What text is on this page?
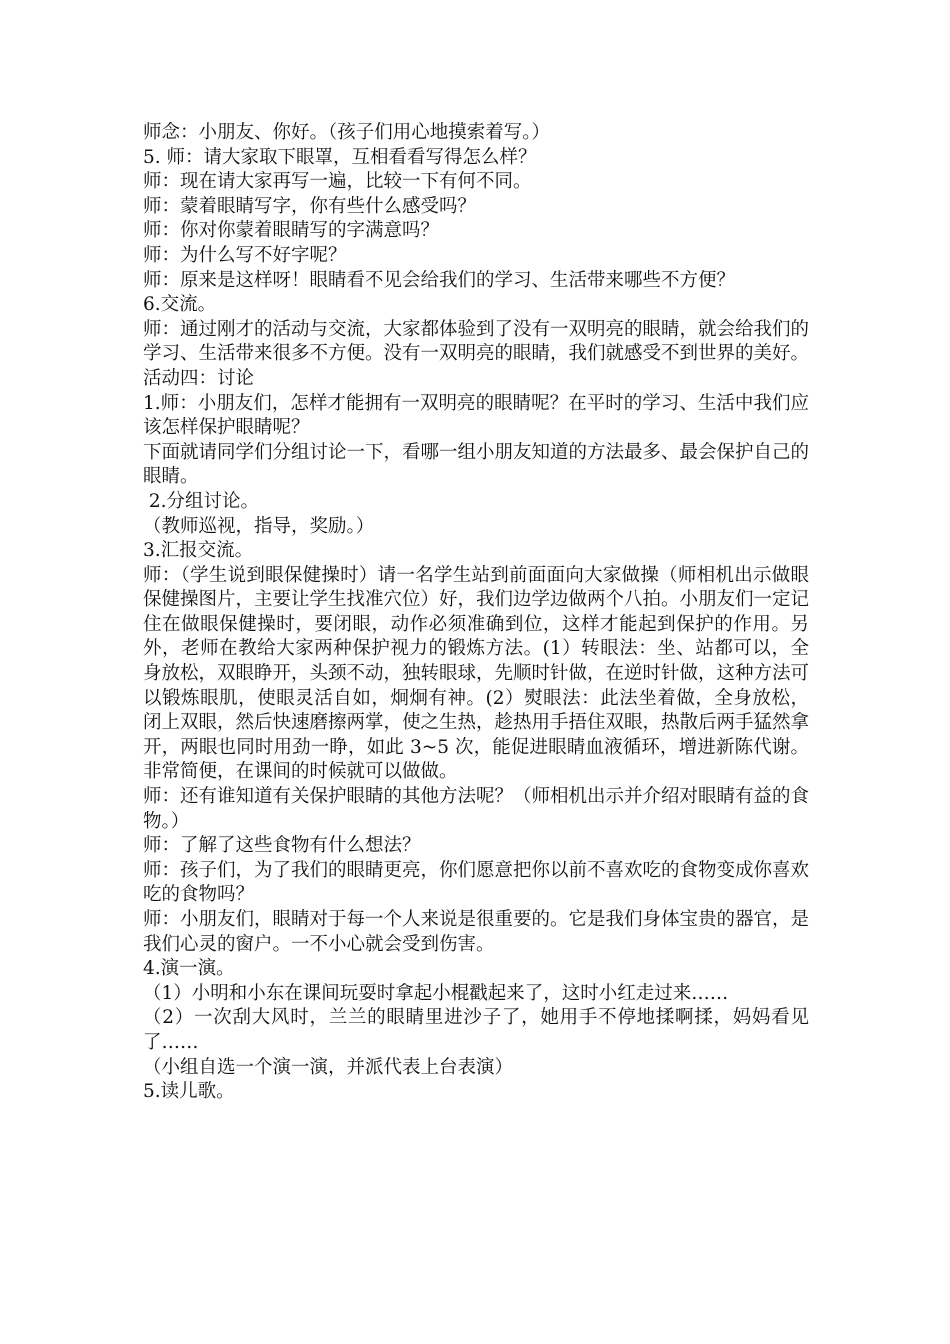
师念：小朋友、你好。（孩子们用心地摸索着写。）

5. 师：请大家取下眼罩，互相看看写得怎么样？

师：现在请大家再写一遍，比较一下有何不同。

师：蒙着眼睛写字，你有些什么感受吗？

师：你对你蒙着眼睛写的字满意吗？

师：为什么写不好字呢？

师：原来是这样呀！眼睛看不见会给我们的学习、生活带来哪些不方便？

6.交流。

师：通过刚才的活动与交流，大家都体验到了没有一双明亮的眼睛，就会给我们的学习、生活带来很多不方便。没有一双明亮的眼睛，我们就感受不到世界的美好。

活动四：讨论

1.师：小朋友们，怎样才能拥有一双明亮的眼睛呢？在平时的学习、生活中我们应该怎样保护眼睛呢？

下面就请同学们分组讨论一下，看哪一组小朋友知道的方法最多、最会保护自己的眼睛。

2.分组讨论。

（教师巡视，指导，奖励。）

3.汇报交流。

师：（学生说到眼保健操时）请一名学生站到前面面向大家做操（师相机出示做眼保健操图片，主要让学生找准穴位）好，我们边学边做两个八拍。小朋友们一定记住在做眼保健操时，要闭眼，动作必须准确到位，这样才能起到保护的作用。另外，老师在教给大家两种保护视力的锻炼方法。(1）转眼法：坐、站都可以，全身放松，双眼睁开，头颈不动，独转眼球，先顺时针做，在逆时针做，这种方法可以锻炼眼肌，使眼灵活自如，炯炯有神。(2）熨眼法：此法坐着做，全身放松，闭上双眼，然后快速磨擦两掌，使之生热，趁热用手捂住双眼，热散后两手猛然拿开，两眼也同时用劲一睁，如此 3~5 次，能促进眼睛血液循环，增进新陈代谢。非常简便，在课间的时候就可以做做。

师：还有谁知道有关保护眼睛的其他方法呢？（师相机出示并介绍对眼睛有益的食物。）

师：了解了这些食物有什么想法？

师：孩子们，为了我们的眼睛更亮，你们愿意把你以前不喜欢吃的食物变成你喜欢吃的食物吗？

师：小朋友们，眼睛对于每一个人来说是很重要的。它是我们身体宝贵的器官，是我们心灵的窗户。一不小心就会受到伤害。

4.演一演。

（1）小明和小东在课间玩耍时拿起小棍戳起来了，这时小红走过来……

（2）一次刮大风时，兰兰的眼睛里进沙子了，她用手不停地揉啊揉，妈妈看见了……

（小组自选一个演一演，并派代表上台表演）

5.读儿歌。
